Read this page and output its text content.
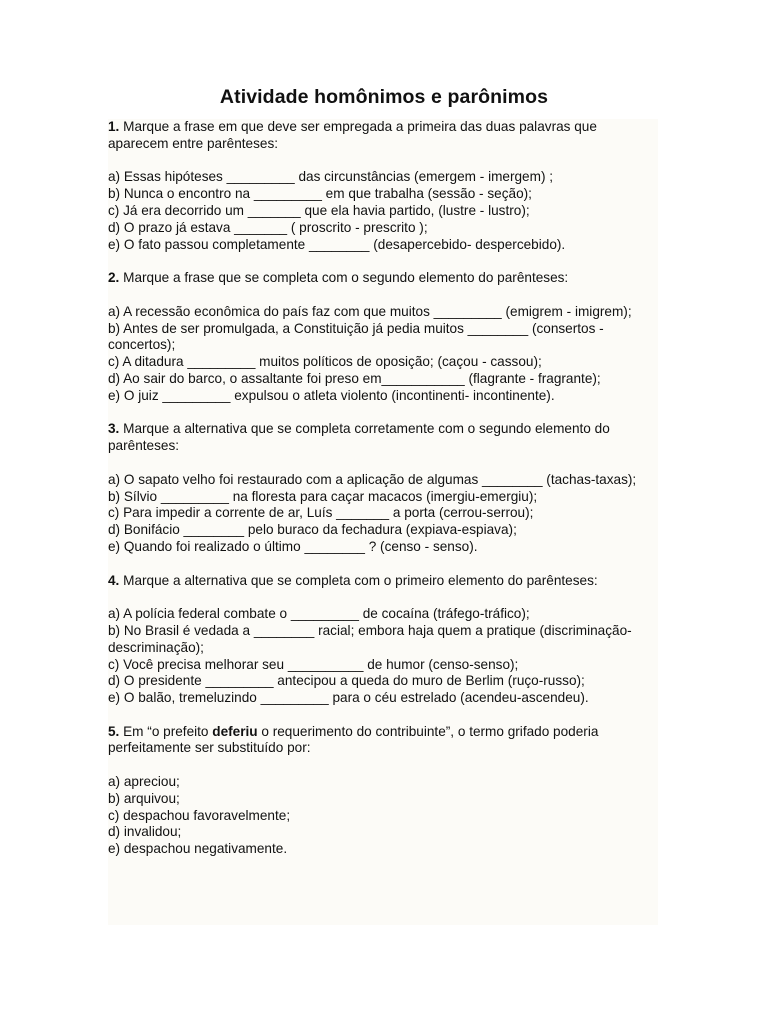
Atividade homônimos e parônimos

1. Marque a frase em que deve ser empregada a primeira das duas palavras que aparecem entre parênteses:

a) Essas hipóteses _________ das circunstâncias (emergem - imergem) ;

b) Nunca o encontro na _________ em que trabalha (sessão - seção);

c) Já era decorrido um _______ que ela havia partido, (lustre - lustro);

d) O prazo já estava _______ ( proscrito - prescrito );

e) O fato passou completamente ________ (desapercebido- despercebido).

2. Marque a frase que se completa com o segundo elemento do parênteses:

a) A recessão econômica do país faz com que muitos _________ (emigrem - imigrem);

b) Antes de ser promulgada, a Constituição já pedia muitos ________ (consertos - concertos);

c) A ditadura _________ muitos políticos de oposição; (caçou - cassou);

d) Ao sair do barco, o assaltante foi preso em___________ (flagrante - fragrante);

e) O juiz _________ expulsou o atleta violento (incontinenti- incontinente).

3. Marque a alternativa que se completa corretamente com o segundo elemento do parênteses:

a) O sapato velho foi restaurado com a aplicação de algumas ________ (tachas-taxas);

b) Sílvio _________ na floresta para caçar macacos (imergiu-emergiu);

c) Para impedir a corrente de ar, Luís _______ a porta (cerrou-serrou);

d) Bonifácio ________ pelo buraco da fechadura (expiava-espiava);

e) Quando foi realizado o último ________ ? (censo - senso).

4. Marque a alternativa que se completa com o primeiro elemento do parênteses:

a) A polícia federal combate o _________ de cocaína (tráfego-tráfico);

b) No Brasil é vedada a ________ racial; embora haja quem a pratique (discriminação-descriminação);

c) Você precisa melhorar seu __________ de humor (censo-senso);

d) O presidente _________ antecipou a queda do muro de Berlim (ruço-russo);

e) O balão, tremeluzindo _________ para o céu estrelado (acendeu-ascendeu).

5. Em “o prefeito deferiu o requerimento do contribuinte”, o termo grifado poderia perfeitamente ser substituído por:

a) apreciou;

b) arquivou;

c) despachou favoravelmente;

d) invalidou;

e) despachou negativamente.
